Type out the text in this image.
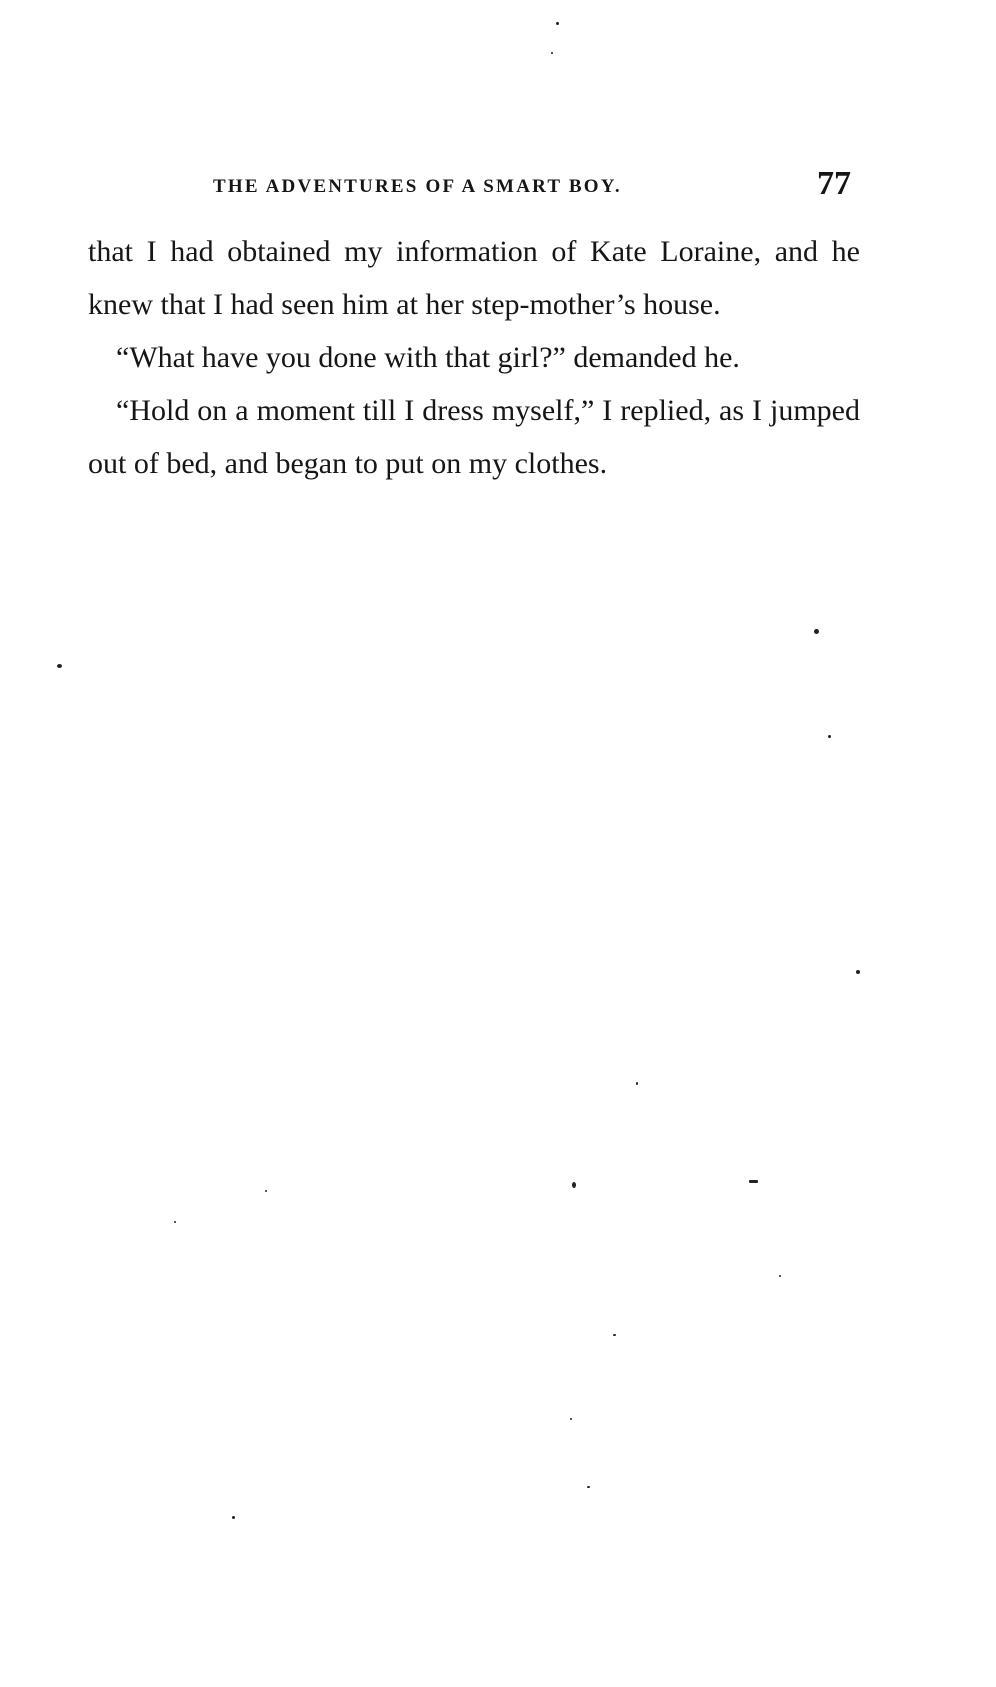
THE ADVENTURES OF A SMART BOY.	77

that I had obtained my information of Kate Loraine, and he knew that I had seen him at her step-mother’s house.

“What have you done with that girl?” demanded he.

“Hold on a moment till I dress myself,” I replied, as I jumped out of bed, and began to put on my clothes.
